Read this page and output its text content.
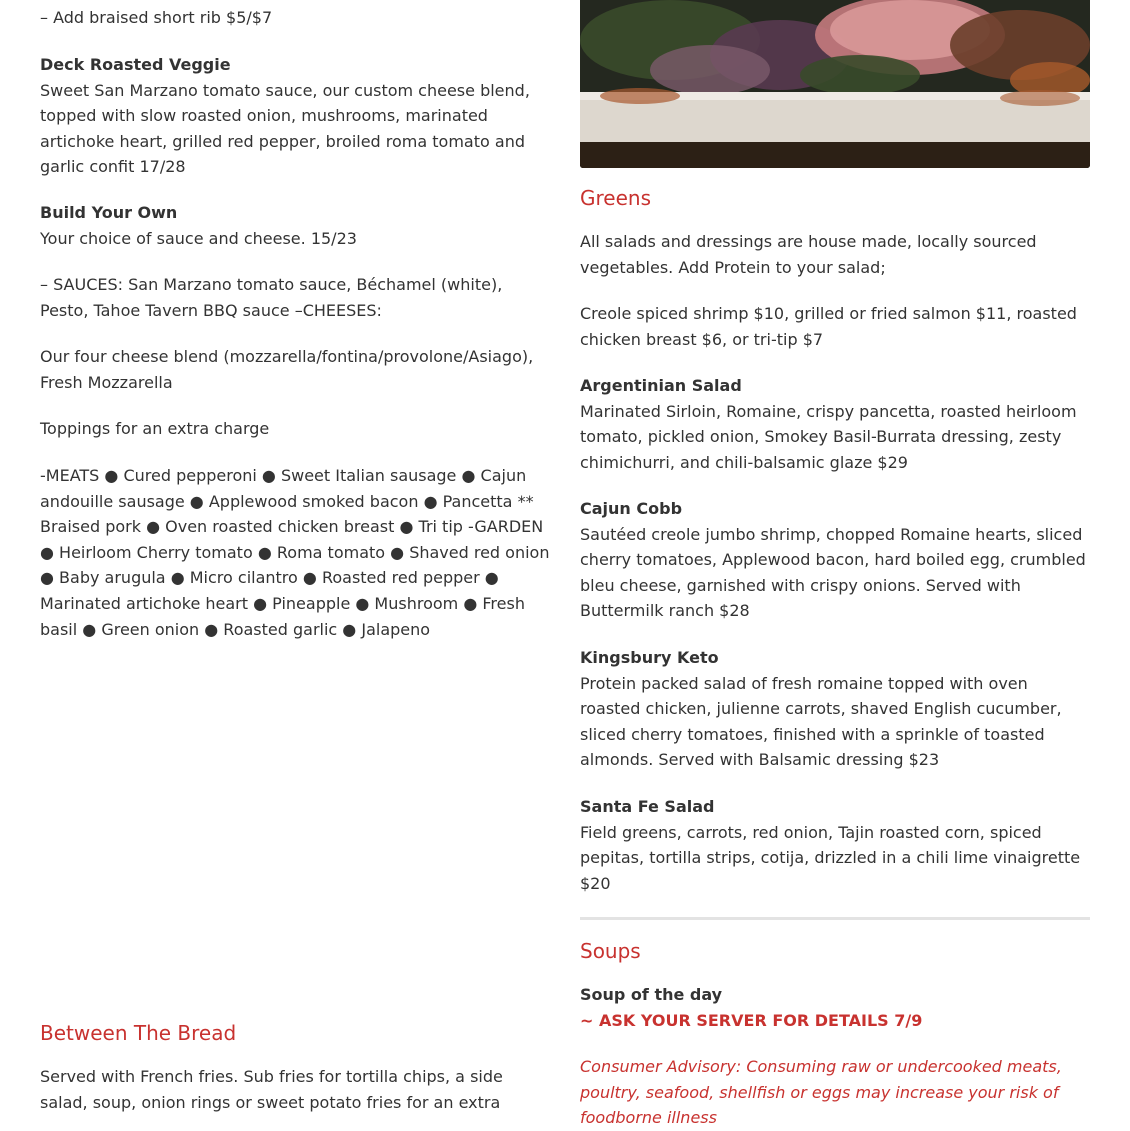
– Add braised short rib $5/$7

Deck Roasted Veggie

Sweet San Marzano tomato sauce, our custom cheese blend, topped with slow roasted onion, mushrooms, marinated artichoke heart, grilled red pepper, broiled roma tomato and garlic confit 17/28

Build Your Own

Your choice of sauce and cheese. 15/23

– SAUCES: San Marzano tomato sauce, Béchamel (white), Pesto, Tahoe Tavern BBQ sauce –CHEESES:

Our four cheese blend (mozzarella/fontina/provolone/Asiago), Fresh Mozzarella

Toppings for an extra charge

-MEATS ● Cured pepperoni ● Sweet Italian sausage ● Cajun andouille sausage ● Applewood smoked bacon ● Pancetta ** Braised pork ● Oven roasted chicken breast ● Tri tip -GARDEN ● Heirloom Cherry tomato ● Roma tomato ● Shaved red onion ● Baby arugula ● Micro cilantro ● Roasted red pepper ● Marinated artichoke heart ● Pineapple ● Mushroom ● Fresh basil ● Green onion ● Roasted garlic ● Jalapeno

Between The Bread

Served with French fries. Sub fries for tortilla chips, a side salad, soup, onion rings or sweet potato fries for an extra

Greens

All salads and dressings are house made, locally sourced vegetables. Add Protein to your salad;

Creole spiced shrimp $10, grilled or fried salmon $11, roasted chicken breast $6, or tri-tip $7

Argentinian Salad

Marinated Sirloin, Romaine, crispy pancetta, roasted heirloom tomato, pickled onion, Smokey Basil-Burrata dressing, zesty chimichurri, and chili-balsamic glaze $29

Cajun Cobb

Sautéed creole jumbo shrimp, chopped Romaine hearts, sliced cherry tomatoes, Applewood bacon, hard boiled egg, crumbled bleu cheese, garnished with crispy onions. Served with Buttermilk ranch $28

Kingsbury Keto

Protein packed salad of fresh romaine topped with oven roasted chicken, julienne carrots, shaved English cucumber, sliced cherry tomatoes, finished with a sprinkle of toasted almonds. Served with Balsamic dressing $23

Santa Fe Salad

Field greens, carrots, red onion, Tajin roasted corn, spiced pepitas, tortilla strips, cotija, drizzled in a chili lime vinaigrette $20

Soups

Soup of the day

~ ASK YOUR SERVER FOR DETAILS 7/9

Consumer Advisory: Consuming raw or undercooked meats, poultry, seafood, shellfish or eggs may increase your risk of foodborne illness
